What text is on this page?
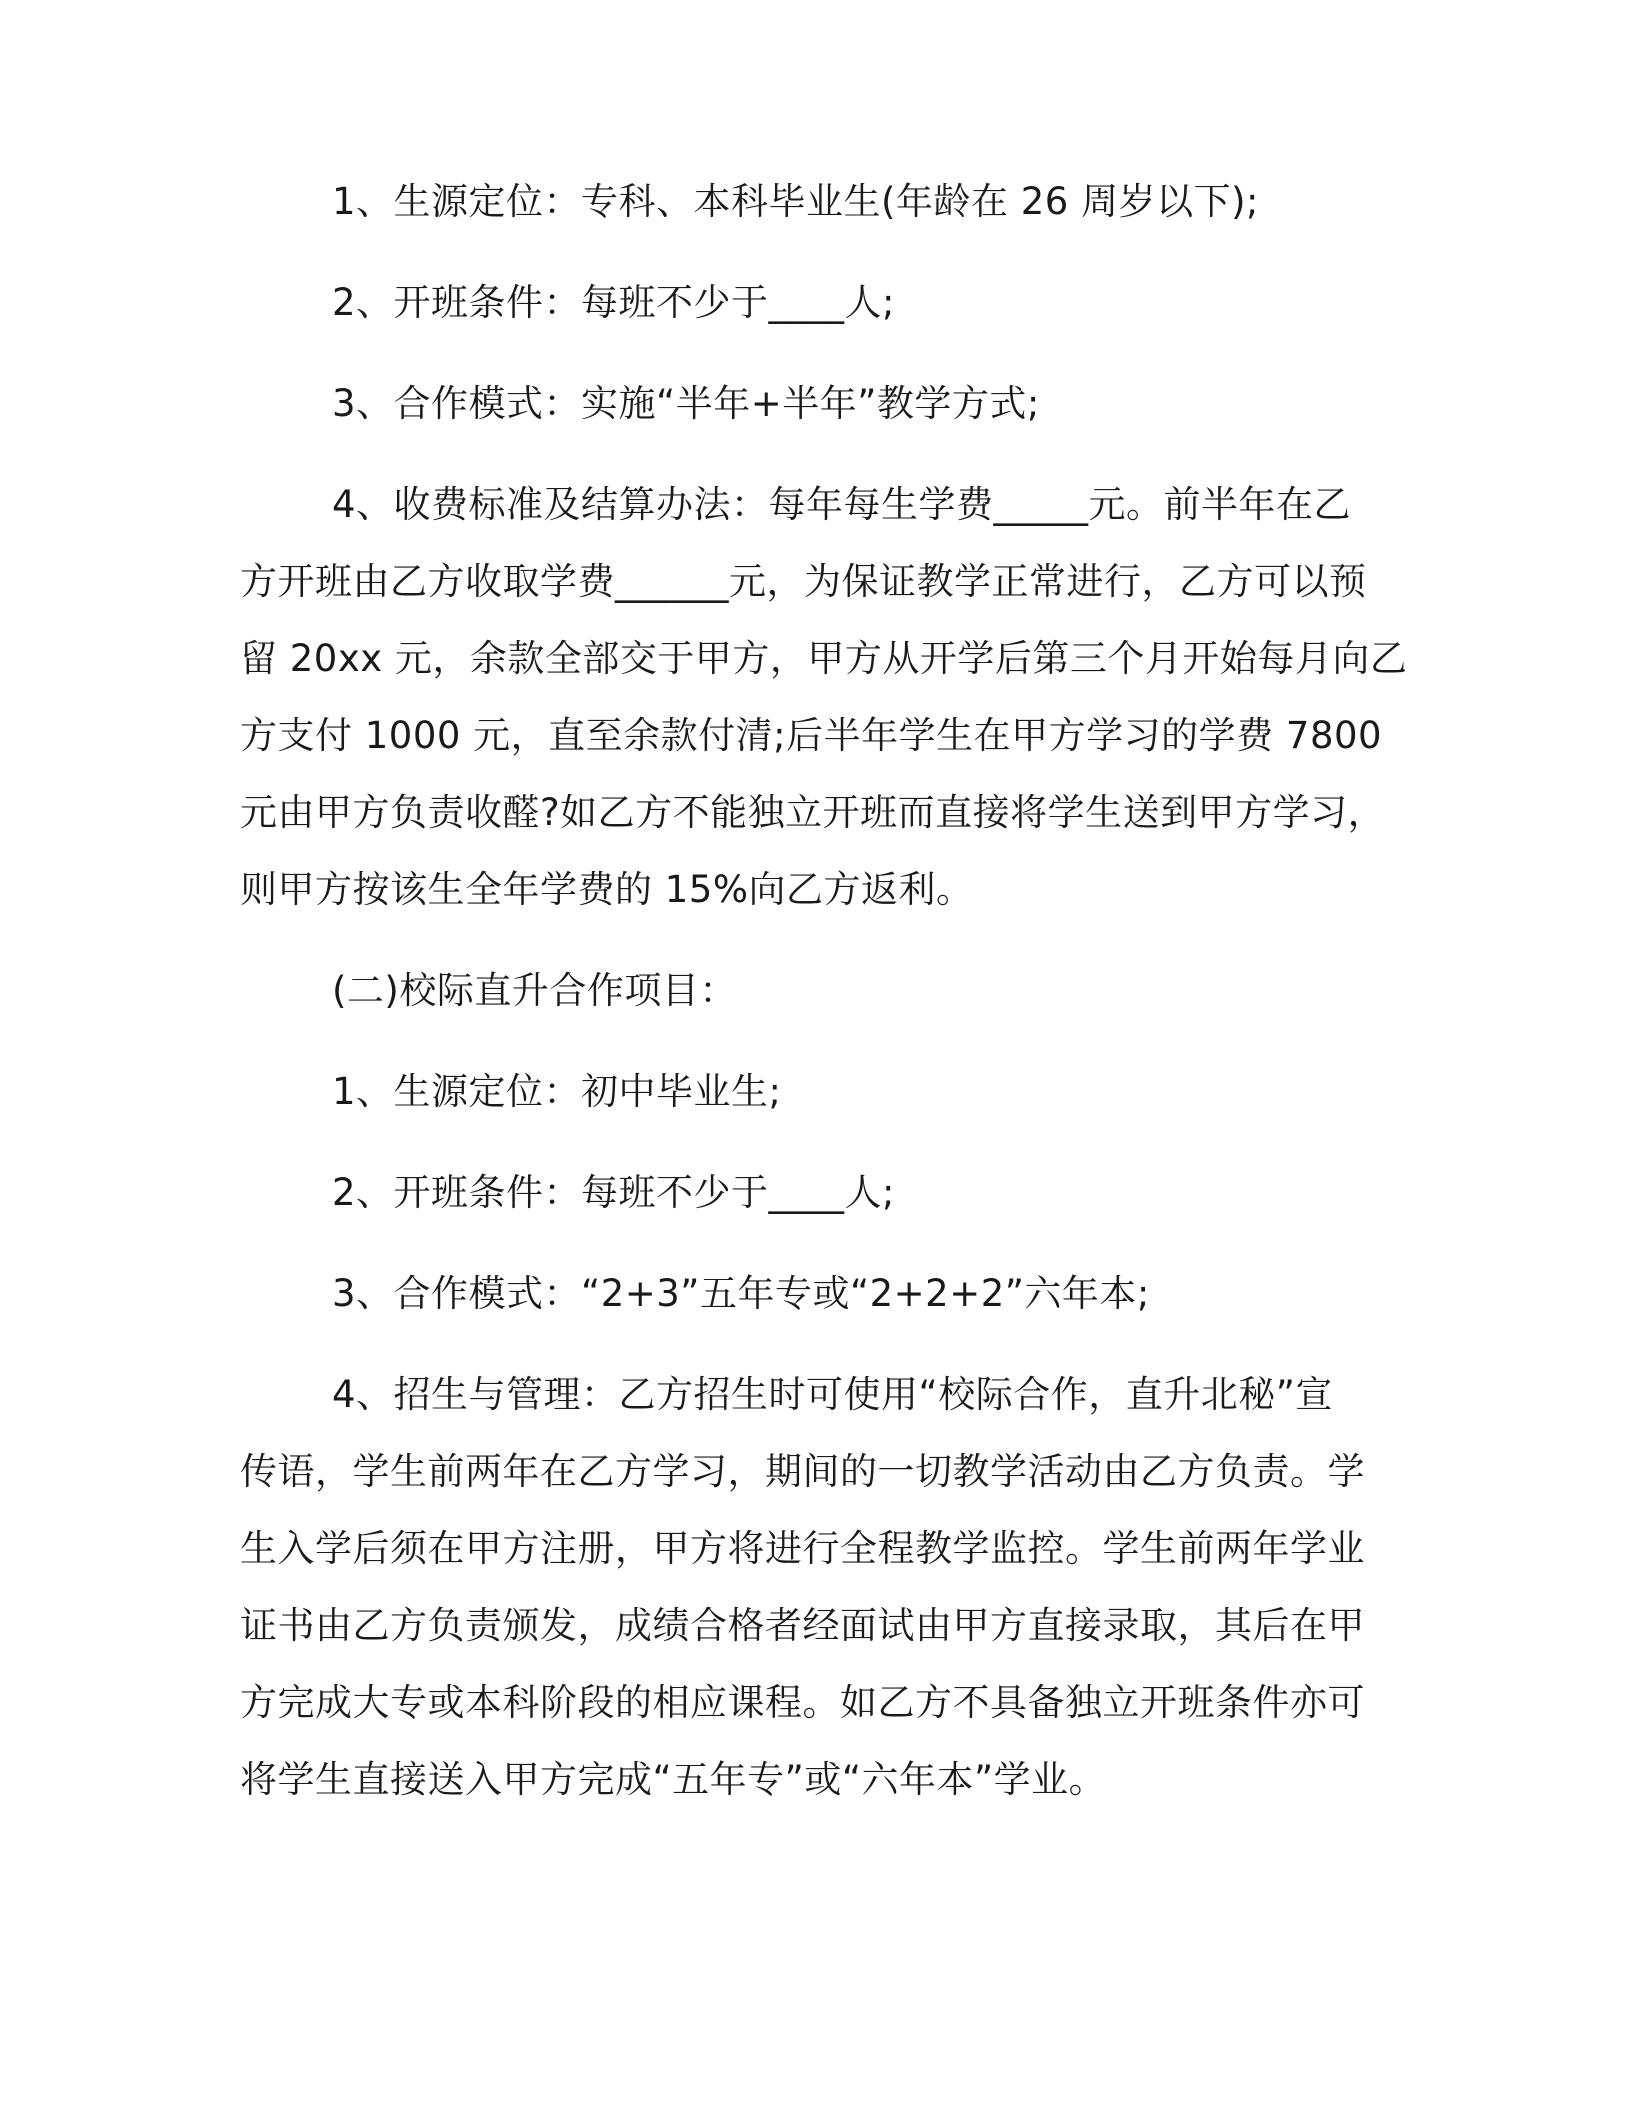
1、生源定位：专科、本科毕业生(年龄在 26 周岁以下);
2、开班条件：每班不少于____人;
3、合作模式：实施“半年+半年”教学方式;
4、收费标准及结算办法：每年每生学费_____元。前半年在乙
方开班由乙方收取学费______元，为保证教学正常进行，乙方可以预
留 20xx 元，余款全部交于甲方，甲方从开学后第三个月开始每月向乙
方支付 1000 元，直至余款付清;后半年学生在甲方学习的学费 7800
元由甲方负责收醛?如乙方不能独立开班而直接将学生送到甲方学习，
则甲方按该生全年学费的 15%向乙方返利。
(二)校际直升合作项目：
1、生源定位：初中毕业生;
2、开班条件：每班不少于____人;
3、合作模式：“2+3”五年专或“2+2+2”六年本;
4、招生与管理：乙方招生时可使用“校际合作，直升北秘”宣
传语，学生前两年在乙方学习，期间的一切教学活动由乙方负责。学
生入学后须在甲方注册，甲方将进行全程教学监控。学生前两年学业
证书由乙方负责颁发，成绩合格者经面试由甲方直接录取，其后在甲
方完成大专或本科阶段的相应课程。如乙方不具备独立开班条件亦可
将学生直接送入甲方完成“五年专”或“六年本”学业。
